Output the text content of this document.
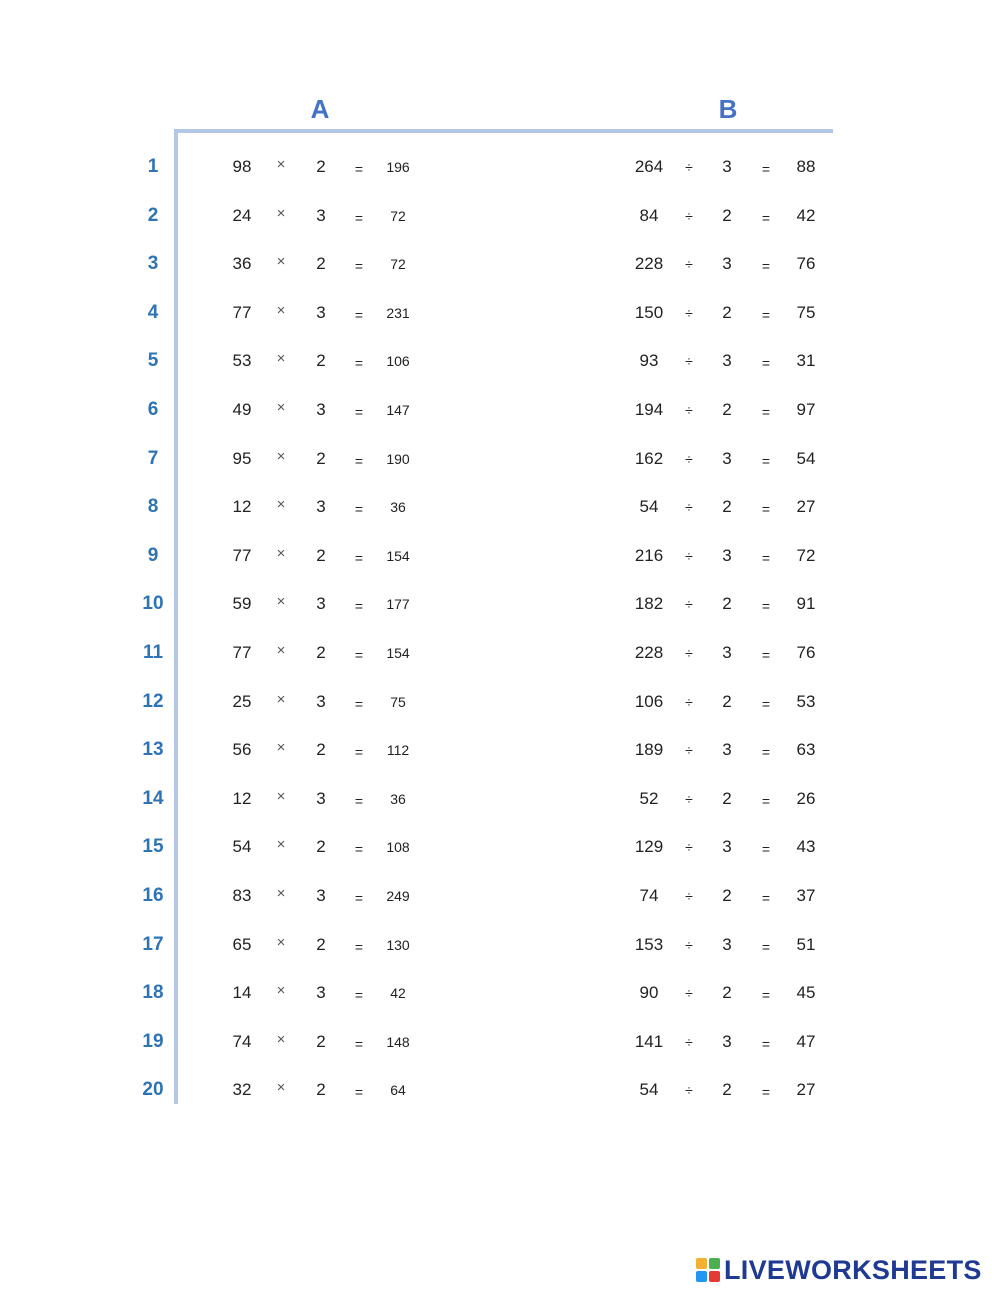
A	B
1	98	×	2	=	196	264	÷	3	=	88
2	24	×	3	=	72	84	÷	2	=	42
3	36	×	2	=	72	228	÷	3	=	76
4	77	×	3	=	231	150	÷	2	=	75
5	53	×	2	=	106	93	÷	3	=	31
6	49	×	3	=	147	194	÷	2	=	97
7	95	×	2	=	190	162	÷	3	=	54
8	12	×	3	=	36	54	÷	2	=	27
9	77	×	2	=	154	216	÷	3	=	72
10	59	×	3	=	177	182	÷	2	=	91
11	77	×	2	=	154	228	÷	3	=	76
12	25	×	3	=	75	106	÷	2	=	53
13	56	×	2	=	112	189	÷	3	=	63
14	12	×	3	=	36	52	÷	2	=	26
15	54	×	2	=	108	129	÷	3	=	43
16	83	×	3	=	249	74	÷	2	=	37
17	65	×	2	=	130	153	÷	3	=	51
18	14	×	3	=	42	90	÷	2	=	45
19	74	×	2	=	148	141	÷	3	=	47
20	32	×	2	=	64	54	÷	2	=	27
LIVEWORKSHEETS
